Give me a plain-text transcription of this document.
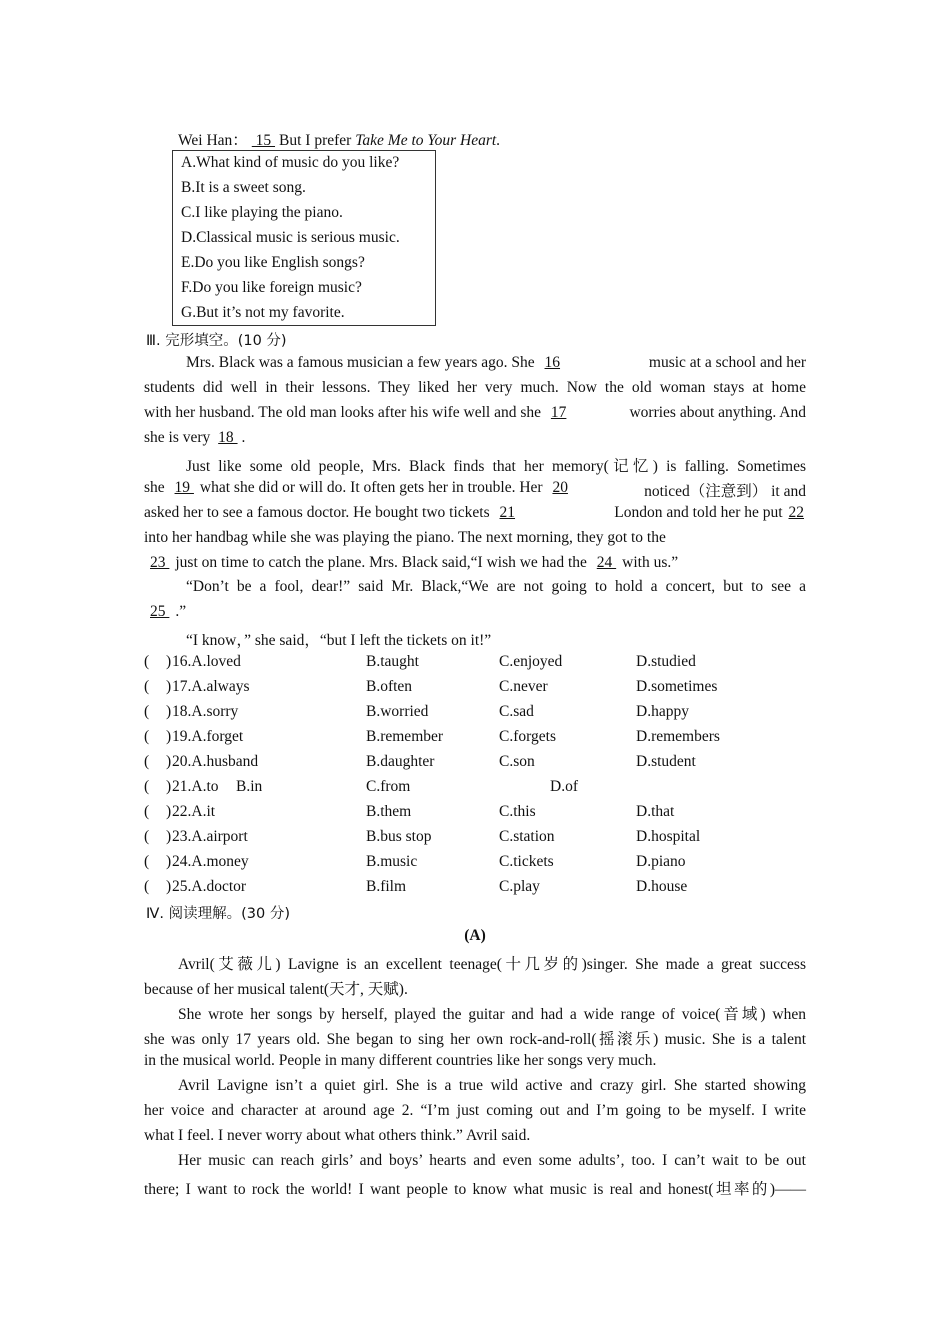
Wei Han： 15 But I prefer Take Me to Your Heart.
A.What kind of music do you like?
B.It is a sweet song.
C.I like playing the piano.
D.Classical music is serious music.
E.Do you like English songs?
F.Do you like foreign music?
G.But it’s not my favorite.
Ⅲ. 完形填空。(10 分)
Mrs. Black was a famous musician a few years ago. She 16	music at a school and her
students did well in their lessons. They liked her very much. Now the old woman stays at home
with her husband. The old man looks after his wife well and she 17	worries about anything. And
she is very 18 .
Just like some old people, Mrs. Black finds that her memory(记忆) is falling. Sometimes
she 19 what she did or will do. It often gets her in trouble. Her 20	noticed（注意到） it and
asked her to see a famous doctor. He bought two tickets 21	London and told her he put 22
into her handbag while she was playing the piano. The next morning, they got to the
23 just on time to catch the plane. Mrs. Black said,“I wish we had the 24 with us.”
“Don’t be a fool, dear!” said Mr. Black,“We are not going to hold a concert, but to see a
25 .”
“I know，” she said，“but I left the tickets on it!”
( ) 16.A.loved	B.taught	C.enjoyed	D.studied
( ) 17.A.always	B.often	C.never	D.sometimes
( ) 18.A.sorry	B.worried	C.sad	D.happy
( ) 19.A.forget	B.remember	C.forgets	D.remembers
( ) 20.A.husband	B.daughter	C.son	D.student
( ) 21.A.to B.in	C.from	D.of
( ) 22.A.it	B.them	C.this	D.that
( ) 23.A.airport	B.bus stop	C.station	D.hospital
( ) 24.A.money	B.music	C.tickets	D.piano
( ) 25.A.doctor	B.film	C.play	D.house
Ⅳ. 阅读理解。(30 分)
(A)
Avril(艾薇儿) Lavigne is an excellent teenage(十几岁的)singer. She made a great success
because of her musical talent(天才, 天赋).
She wrote her songs by herself, played the guitar and had a wide range of voice(音域) when
she was only 17 years old. She began to sing her own rock-and-roll(摇滚乐) music. She is a talent
in the musical world. People in many different countries like her songs very much.
Avril Lavigne isn’t a quiet girl. She is a true wild active and crazy girl. She started showing
her voice and character at around age 2. “I’m just coming out and I’m going to be myself. I write
what I feel. I never worry about what others think.” Avril said.
Her music can reach girls’ and boys’ hearts and even some adults’, too. I can’t wait to be out
there; I want to rock the world! I want people to know what music is real and honest(坦率的)——
